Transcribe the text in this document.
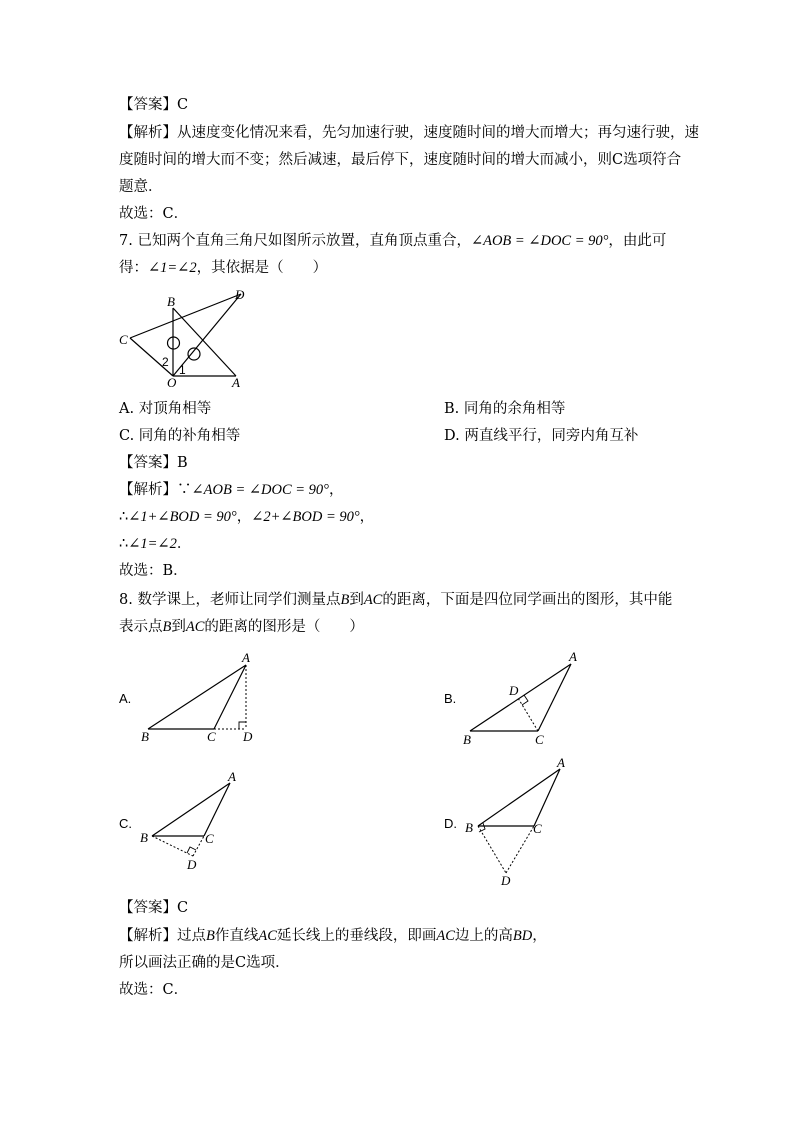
【答案】C
【解析】从速度变化情况来看，先匀加速行驶，速度随时间的增大而增大；再匀速行驶，速
度随时间的增大而不变；然后减速，最后停下，速度随时间的增大而减小，则C选项符合
题意．
故选：C．
7. 已知两个直角三角尺如图所示放置，直角顶点重合，∠AOB = ∠DOC = 90°，由此可
得：∠1=∠2，其依据是（　　）
B	D
C
O	A
1
2
A. 对顶角相等	B. 同角的余角相等
C. 同角的补角相等	D. 两直线平行，同旁内角互补
【答案】B
【解析】∵∠AOB = ∠DOC = 90°，
∴∠1+∠BOD = 90°，∠2+∠BOD = 90°，
∴∠1=∠2．
故选：B．
8. 数学课上，老师让同学们测量点B到AC的距离，下面是四位同学画出的图形，其中能
表示点B到AC的距离的图形是（　　）
A.
A
B	C D
B.
A
B	C
D
C.
A
B	C
D
D.
A
B	C
D
【答案】C
【解析】过点B作直线AC延长线上的垂线段，即画AC边上的高BD，
所以画法正确的是C选项．
故选：C．
